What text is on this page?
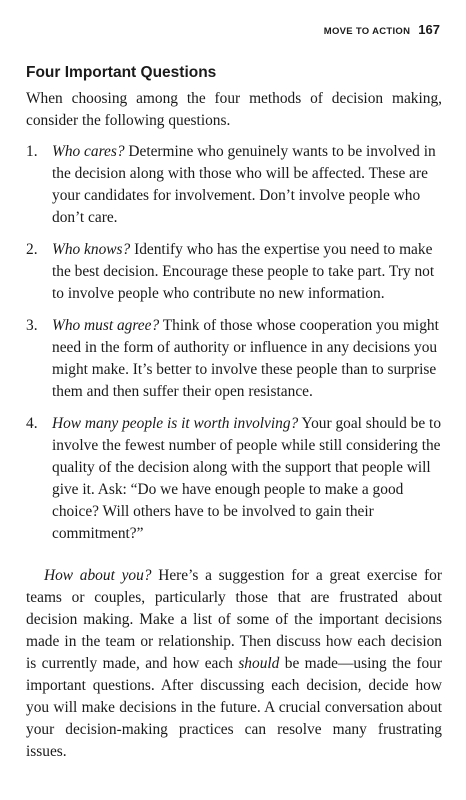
MOVE TO ACTION 167
Four Important Questions

When choosing among the four methods of decision making, consider the following questions.

1. Who cares? Determine who genuinely wants to be involved in the decision along with those who will be affected. These are your candidates for involvement. Don’t involve people who don’t care.
2. Who knows? Identify who has the expertise you need to make the best decision. Encourage these people to take part. Try not to involve people who contribute no new information.
3. Who must agree? Think of those whose cooperation you might need in the form of authority or influence in any decisions you might make. It’s better to involve these people than to surprise them and then suffer their open resistance.
4. How many people is it worth involving? Your goal should be to involve the fewest number of people while still considering the quality of the decision along with the support that people will give it. Ask: “Do we have enough people to make a good choice? Will others have to be involved to gain their commitment?”

How about you? Here’s a suggestion for a great exercise for teams or couples, particularly those that are frustrated about decision making. Make a list of some of the important decisions made in the team or relationship. Then discuss how each decision is currently made, and how each should be made—using the four important questions. After discussing each decision, decide how you will make decisions in the future. A crucial conversation about your decision-making practices can resolve many frustrating issues.
